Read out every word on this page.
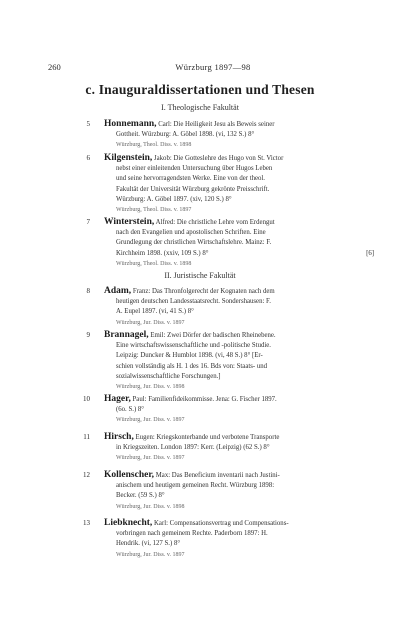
260	Würzburg 1897—98
c. Inauguraldissertationen und Thesen
I. Theologische Fakultät
5 Honnemann, Carl: Die Heiligkeit Jesu als Beweis seiner
Gottheit. Würzburg: A. Göbel 1898. (vi, 132 S.) 8°
Würzburg, Theol. Diss. v. 1898
6 Kilgenstein, Jakob: Die Gotteslehre des Hugo von St. Victor
nebst einer einleitenden Untersuchung über Hugos Leben
und seine hervorragendsten Werke. Eine von der theol.
Fakultät der Universität Würzburg gekrönte Preisschrift.
Würzburg: A. Göbel 1897. (xiv, 120 S.) 8°
Würzburg, Theol. Diss. v. 1897
7 Winterstein, Alfred: Die christliche Lehre vom Erdengut
nach den Evangelien und apostolischen Schriften. Eine
Grundlegung der christlichen Wirtschaftslehre. Mainz: F.
Kirchheim 1898. (xxiv, 109 S.) 8°	[6]
Würzburg, Theol. Diss. v. 1898
II. Juristische Fakultät
8 Adam, Franz: Das Thronfolgerecht der Kognaten nach dem
heutigen deutschen Landesstaatsrecht. Sondershausen: F.
A. Eupel 1897. (vi, 41 S.) 8°
Würzburg, Jur. Diss. v. 1897
9 Brannagel, Emil: Zwei Dörfer der badischen Rheinebene.
Eine wirtschaftswissenschaftliche und -politische Studie.
Leipzig: Duncker & Humblot 1898. (vi, 48 S.) 8° [Er-
schien vollständig als H. 1 des 16. Bds von: Staats- und
sozialwissenschaftliche Forschungen.]
Würzburg, Jur. Diss. v. 1898
10 Hager, Paul: Familienfideikommisse. Jena: G. Fischer 1897.
(6o. S.) 8°
Würzburg, Jur. Diss. v. 1897
11 Hirsch, Eugen: Kriegskonterbande und verbotene Transporte
in Kriegszeiten. London 1897: Kerr. (Leipzig) (62 S.) 8°
Würzburg, Jur. Diss. v. 1897
12 Kollenscher, Max: Das Beneficium inventarii nach Justini-
anischem und heutigem gemeinen Recht. Würzburg 1898:
Becker. (59 S.) 8°
Würzburg, Jur. Diss. v. 1898
13 Liebknecht, Karl: Compensationsvertrag und Compensations-
vorbringen nach gemeinem Rechte. Paderborn 1897: H.
Hendrik. (vi, 127 S.) 8°
Würzburg, Jur. Diss. v. 1897
